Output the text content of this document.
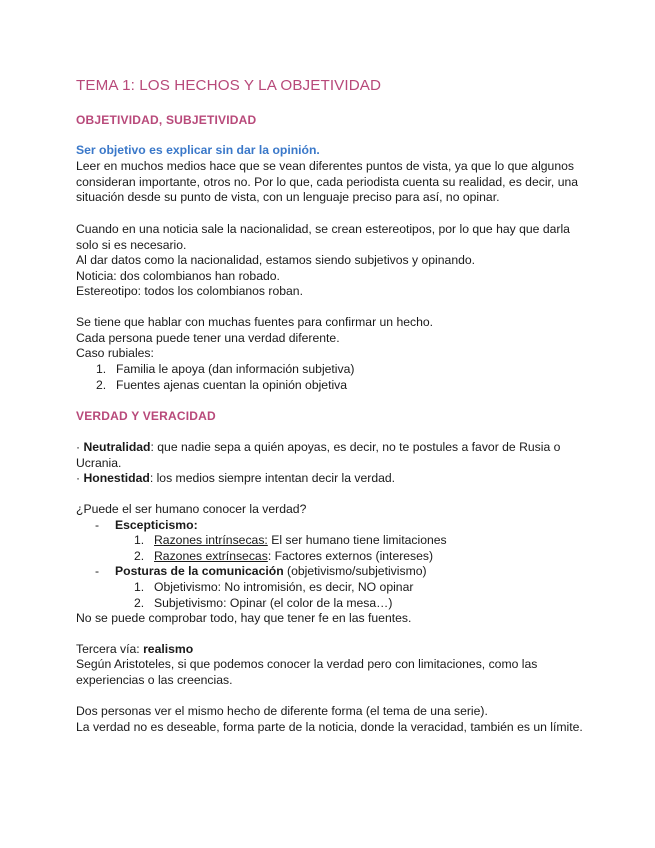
TEMA 1: LOS HECHOS Y LA OBJETIVIDAD
OBJETIVIDAD, SUBJETIVIDAD
Ser objetivo es explicar sin dar la opinión.
Leer en muchos medios hace que se vean diferentes puntos de vista, ya que lo que algunos
consideran importante, otros no. Por lo que, cada periodista cuenta su realidad, es decir, una
situación desde su punto de vista, con un lenguaje preciso para así, no opinar.
Cuando en una noticia sale la nacionalidad, se crean estereotipos, por lo que hay que darla
solo si es necesario.
Al dar datos como la nacionalidad, estamos siendo subjetivos y opinando.
Noticia: dos colombianos han robado.
Estereotipo: todos los colombianos roban.
Se tiene que hablar con muchas fuentes para confirmar un hecho.
Cada persona puede tener una verdad diferente.
Caso rubiales:
1. Familia le apoya (dan información subjetiva)
2. Fuentes ajenas cuentan la opinión objetiva
VERDAD Y VERACIDAD
· Neutralidad: que nadie sepa a quién apoyas, es decir, no te postules a favor de Rusia o
Ucrania.
· Honestidad: los medios siempre intentan decir la verdad.
¿Puede el ser humano conocer la verdad?
- Escepticismo:
1. Razones intrínsecas: El ser humano tiene limitaciones
2. Razones extrínsecas: Factores externos (intereses)
- Posturas de la comunicación (objetivismo/subjetivismo)
1. Objetivismo: No intromisión, es decir, NO opinar
2. Subjetivismo: Opinar (el color de la mesa…)
No se puede comprobar todo, hay que tener fe en las fuentes.
Tercera vía: realismo
Según Aristoteles, si que podemos conocer la verdad pero con limitaciones, como las
experiencias o las creencias.
Dos personas ver el mismo hecho de diferente forma (el tema de una serie).
La verdad no es deseable, forma parte de la noticia, donde la veracidad, también es un límite.
